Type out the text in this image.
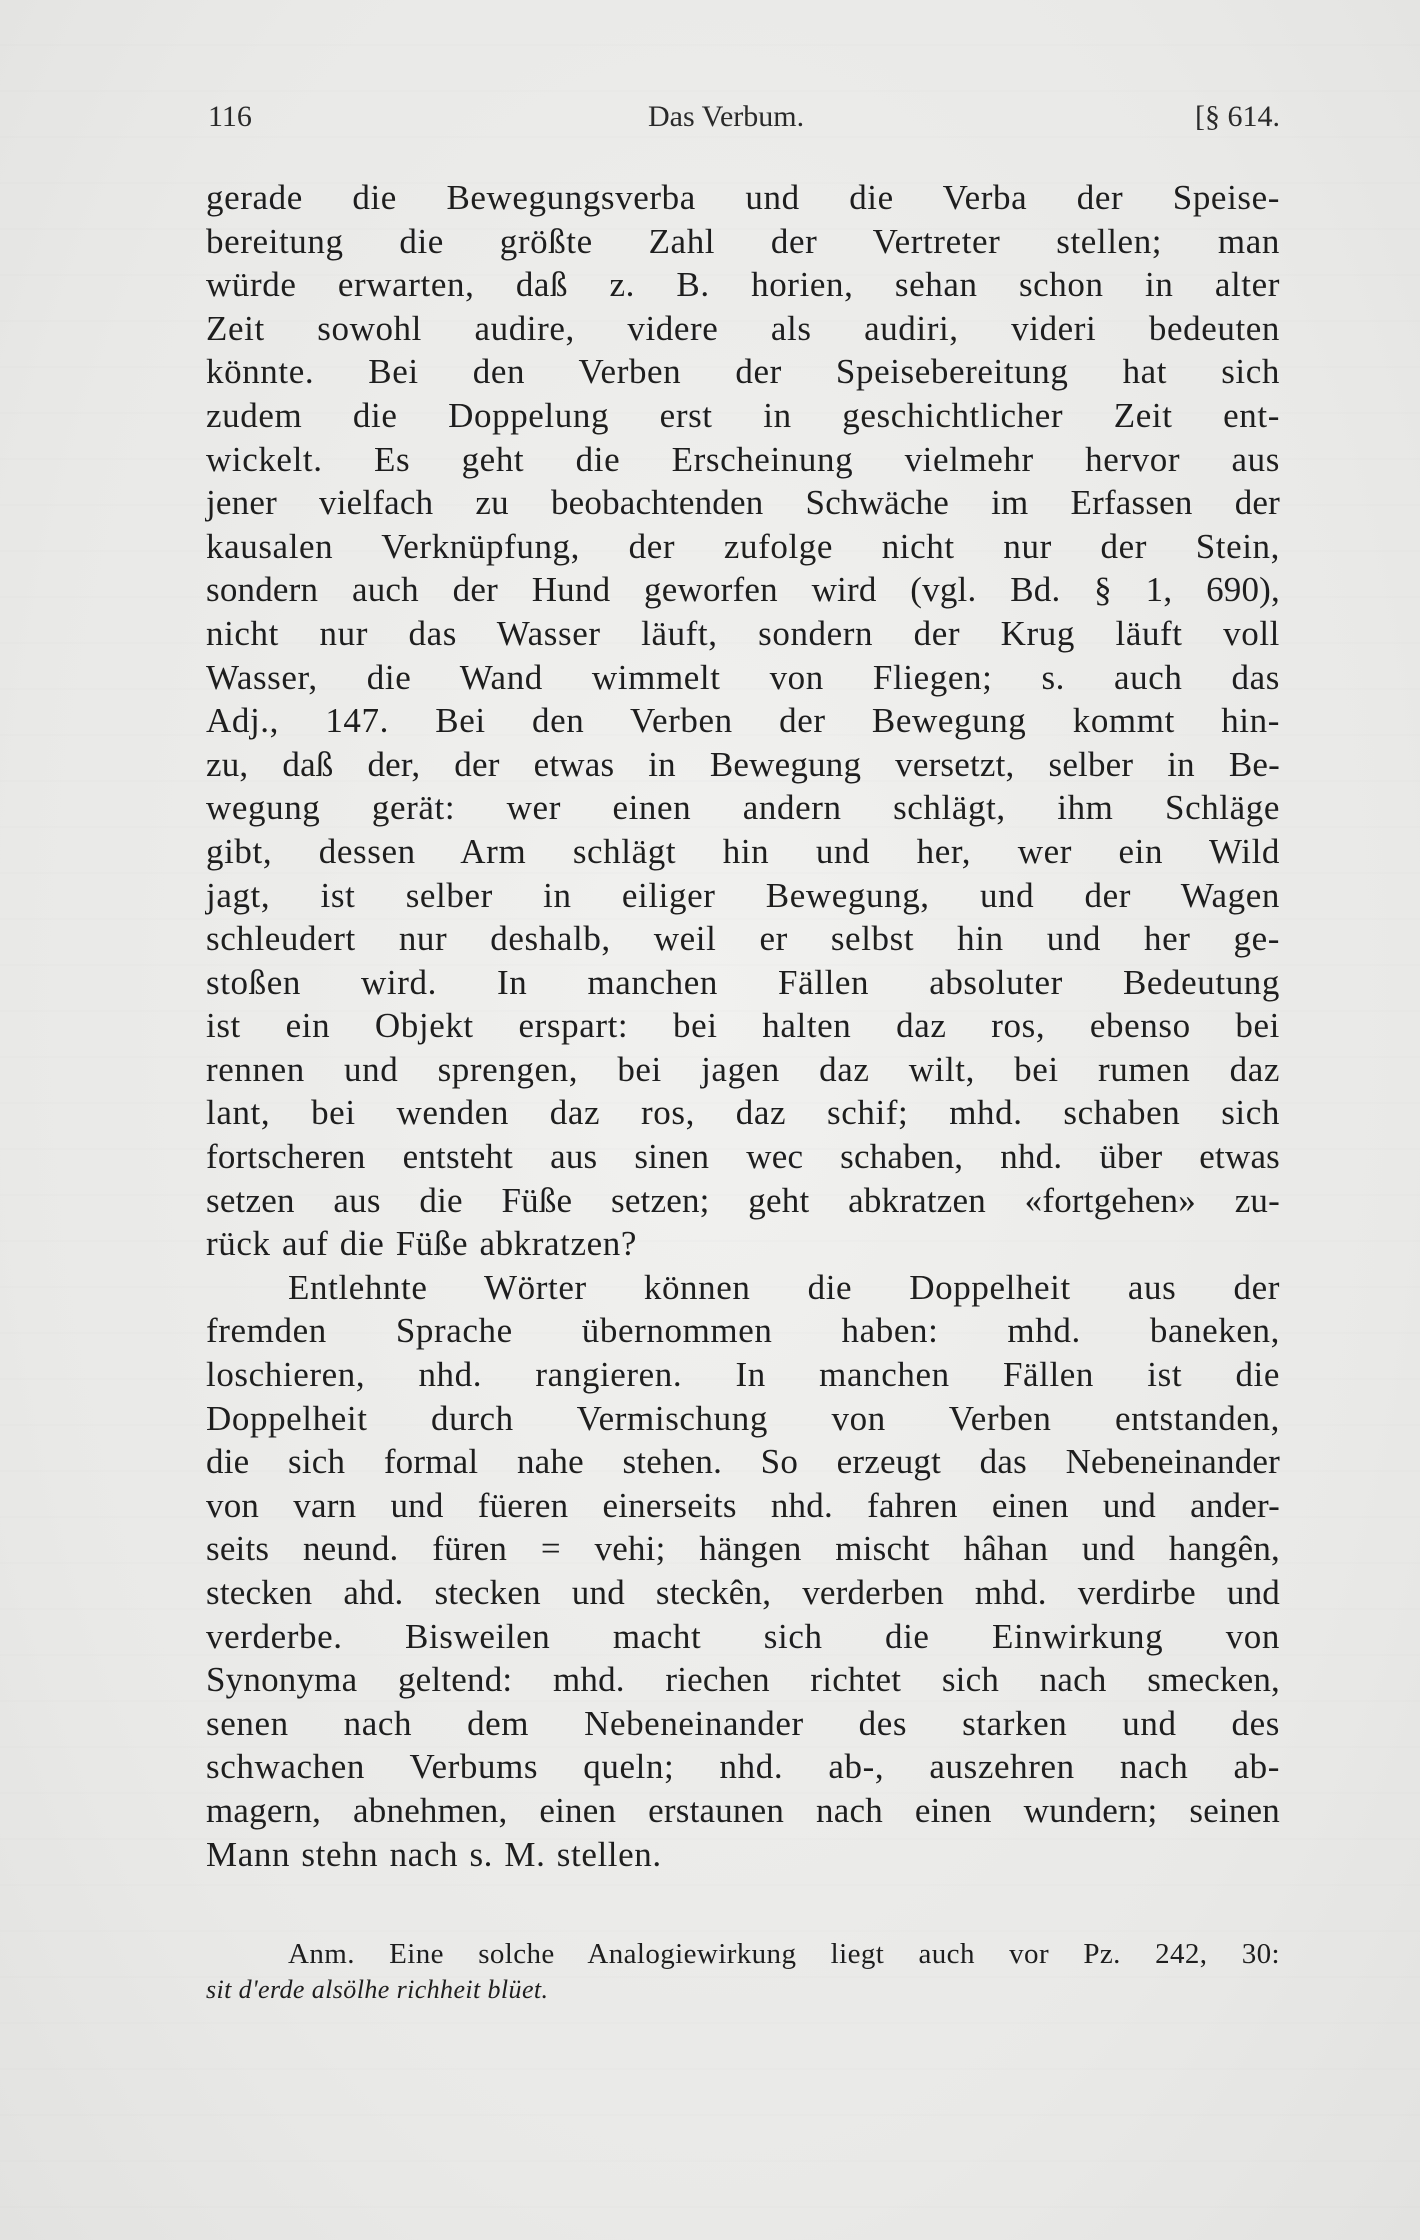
116	Das Verbum.	[§ 614.
gerade die Bewegungsverba und die Verba der Speise-
bereitung die größte Zahl der Vertreter stellen; man
würde erwarten, daß z. B. horien, sehan schon in alter
Zeit sowohl audire, videre als audiri, videri bedeuten
könnte. Bei den Verben der Speisebereitung hat sich
zudem die Doppelung erst in geschichtlicher Zeit ent-
wickelt. Es geht die Erscheinung vielmehr hervor aus
jener vielfach zu beobachtenden Schwäche im Erfassen der
kausalen Verknüpfung, der zufolge nicht nur der Stein,
sondern auch der Hund geworfen wird (vgl. Bd. § 1, 690),
nicht nur das Wasser läuft, sondern der Krug läuft voll
Wasser, die Wand wimmelt von Fliegen; s. auch das
Adj., 147. Bei den Verben der Bewegung kommt hin-
zu, daß der, der etwas in Bewegung versetzt, selber in Be-
wegung gerät: wer einen andern schlägt, ihm Schläge
gibt, dessen Arm schlägt hin und her, wer ein Wild
jagt, ist selber in eiliger Bewegung, und der Wagen
schleudert nur deshalb, weil er selbst hin und her ge-
stoßen wird. In manchen Fällen absoluter Bedeutung
ist ein Objekt erspart: bei halten daz ros, ebenso bei
rennen und sprengen, bei jagen daz wilt, bei rumen daz
lant, bei wenden daz ros, daz schif; mhd. schaben sich
fortscheren entsteht aus sinen wec schaben, nhd. über etwas
setzen aus die Füße setzen; geht abkratzen «fortgehen» zu-
rück auf die Füße abkratzen?
Entlehnte Wörter können die Doppelheit aus der
fremden Sprache übernommen haben: mhd. baneken,
loschieren, nhd. rangieren. In manchen Fällen ist die
Doppelheit durch Vermischung von Verben entstanden,
die sich formal nahe stehen. So erzeugt das Nebeneinander
von varn und füeren einerseits nhd. fahren einen und ander-
seits neund. füren = vehi; hängen mischt hâhan und hangên,
stecken ahd. stecken und steckên, verderben mhd. verdirbe und
verderbe. Bisweilen macht sich die Einwirkung von
Synonyma geltend: mhd. riechen richtet sich nach smecken,
senen nach dem Nebeneinander des starken und des
schwachen Verbums queln; nhd. ab-, auszehren nach ab-
magern, abnehmen, einen erstaunen nach einen wundern; seinen
Mann stehn nach s. M. stellen.
Anm. Eine solche Analogiewirkung liegt auch vor Pz. 242, 30:
sit d'erde alsölhe richheit blüet.
